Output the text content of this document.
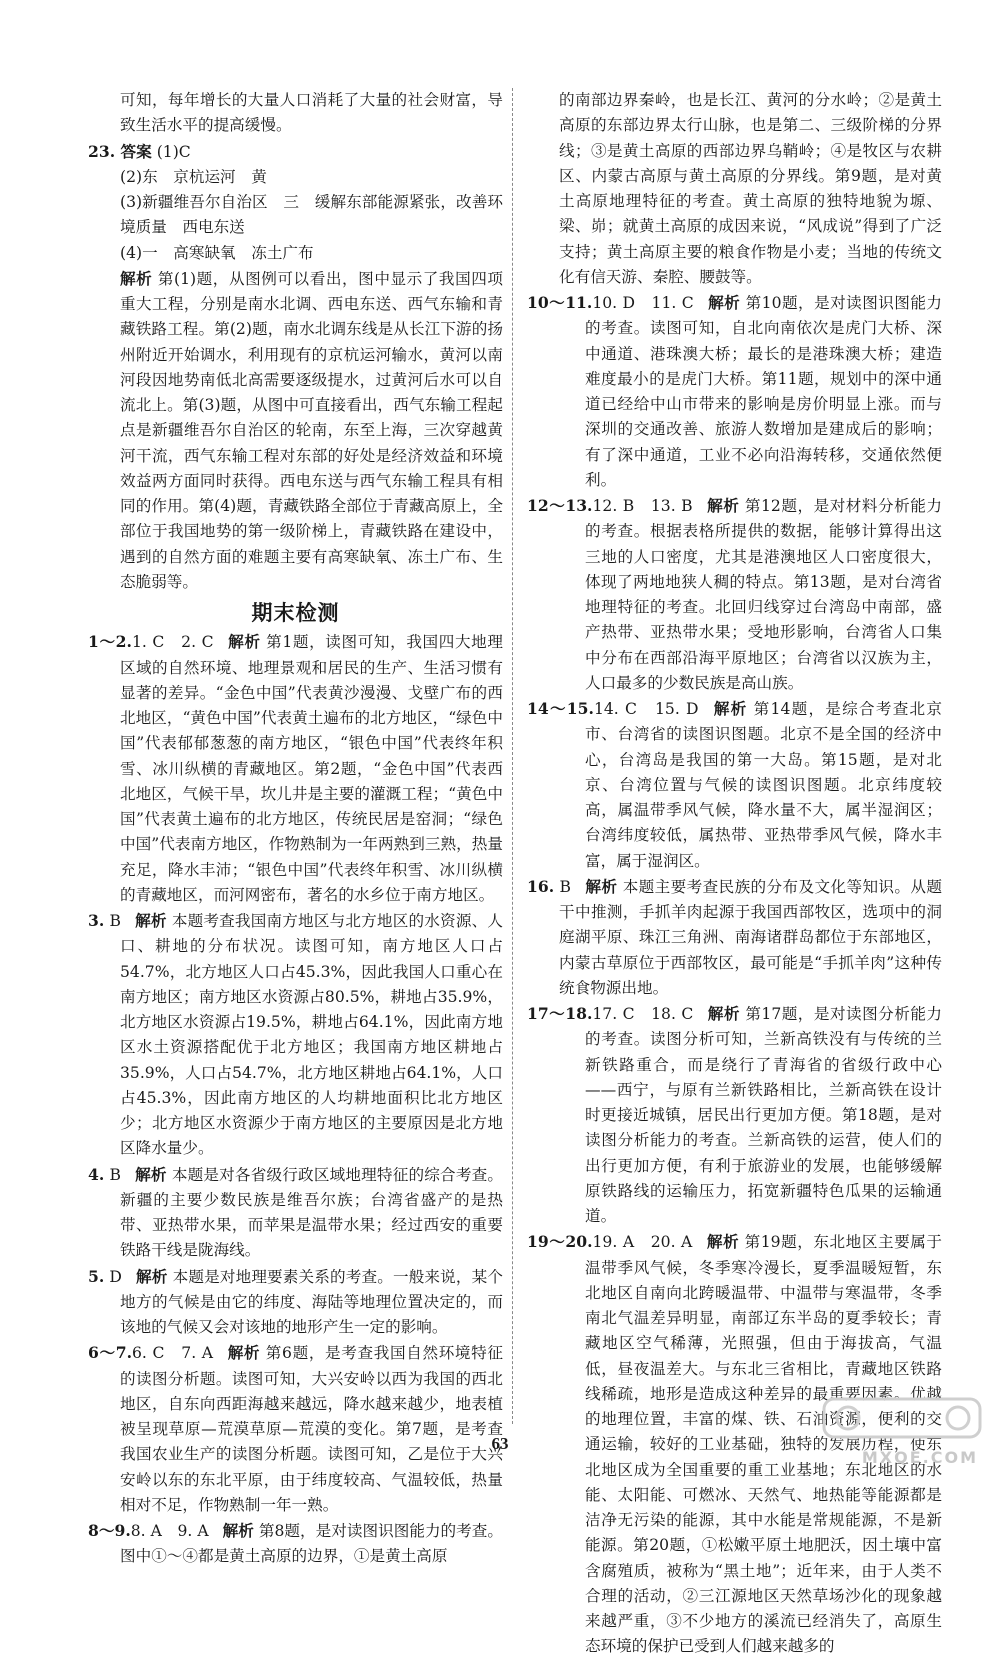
可知，每年增长的大量人口消耗了大量的社会财富，导致生活水平的提高缓慢。
23. 答案 (1)C
(2)东　京杭运河　黄
(3)新疆维吾尔自治区　三　缓解东部能源紧张，改善环境质量　西电东送
(4)一　高寒缺氧　冻土广布
解析 第(1)题，从图例可以看出，图中显示了我国四项重大工程，分别是南水北调、西电东送、西气东输和青藏铁路工程。第(2)题，南水北调东线是从长江下游的扬州附近开始调水，利用现有的京杭运河输水，黄河以南河段因地势南低北高需要逐级提水，过黄河后水可以自流北上。第(3)题，从图中可直接看出，西气东输工程起点是新疆维吾尔自治区的轮南，东至上海，三次穿越黄河干流，西气东输工程对东部的好处是经济效益和环境效益两方面同时获得。西电东送与西气东输工程具有相同的作用。第(4)题，青藏铁路全部位于青藏高原上，全部位于我国地势的第一级阶梯上，青藏铁路在建设中，遇到的自然方面的难题主要有高寒缺氧、冻土广布、生态脆弱等。
期末检测
1～2.1. C　2. C 解析 第1题，读图可知，我国四大地理区域的自然环境、地理景观和居民的生产、生活习惯有显著的差异。“金色中国”代表黄沙漫漫、戈壁广布的西北地区，“黄色中国”代表黄土遍布的北方地区，“绿色中国”代表郁郁葱葱的南方地区，“银色中国”代表终年积雪、冰川纵横的青藏地区。第2题，“金色中国”代表西北地区，气候干旱，坎儿井是主要的灌溉工程；“黄色中国”代表黄土遍布的北方地区，传统民居是窑洞；“绿色中国”代表南方地区，作物熟制为一年两熟到三熟，热量充足，降水丰沛；“银色中国”代表终年积雪、冰川纵横的青藏地区，而河网密布，著名的水乡位于南方地区。
3. B 解析 本题考查我国南方地区与北方地区的水资源、人口、耕地的分布状况。读图可知，南方地区人口占54.7%，北方地区人口占45.3%，因此我国人口重心在南方地区；南方地区水资源占80.5%，耕地占35.9%，北方地区水资源占19.5%，耕地占64.1%，因此南方地区水土资源搭配优于北方地区；我国南方地区耕地占35.9%，人口占54.7%，北方地区耕地占64.1%，人口占45.3%，因此南方地区的人均耕地面积比北方地区少；北方地区水资源少于南方地区的主要原因是北方地区降水量少。
4. B 解析 本题是对各省级行政区域地理特征的综合考查。新疆的主要少数民族是维吾尔族；台湾省盛产的是热带、亚热带水果，而苹果是温带水果；经过西安的重要铁路干线是陇海线。
5. D 解析 本题是对地理要素关系的考查。一般来说，某个地方的气候是由它的纬度、海陆等地理位置决定的，而该地的气候又会对该地的地形产生一定的影响。
6～7.6. C　7. A 解析 第6题，是考查我国自然环境特征的读图分析题。读图可知，大兴安岭以西为我国的西北地区，自东向西距海越来越远，降水越来越少，地表植被呈现草原—荒漠草原—荒漠的变化。第7题，是考查我国农业生产的读图分析题。读图可知，乙是位于大兴安岭以东的东北平原，由于纬度较高、气温较低，热量相对不足，作物熟制一年一熟。
8～9.8. A　9. A 解析 第8题，是对读图识图能力的考查。图中①～④都是黄土高原的边界，①是黄土高原
的南部边界秦岭，也是长江、黄河的分水岭；②是黄土高原的东部边界太行山脉，也是第二、三级阶梯的分界线；③是黄土高原的西部边界乌鞘岭；④是牧区与农耕区、内蒙古高原与黄土高原的分界线。第9题，是对黄土高原地理特征的考查。黄土高原的独特地貌为塬、梁、峁；就黄土高原的成因来说，“风成说”得到了广泛支持；黄土高原主要的粮食作物是小麦；当地的传统文化有信天游、秦腔、腰鼓等。
10～11.10. D　11. C 解析 第10题，是对读图识图能力的考查。读图可知，自北向南依次是虎门大桥、深中通道、港珠澳大桥；最长的是港珠澳大桥；建造难度最小的是虎门大桥。第11题，规划中的深中通道已经给中山市带来的影响是房价明显上涨。而与深圳的交通改善、旅游人数增加是建成后的影响；有了深中通道，工业不必向沿海转移，交通依然便利。
12～13.12. B　13. B 解析 第12题，是对材料分析能力的考查。根据表格所提供的数据，能够计算得出这三地的人口密度，尤其是港澳地区人口密度很大，体现了两地地狭人稠的特点。第13题，是对台湾省地理特征的考查。北回归线穿过台湾岛中南部，盛产热带、亚热带水果；受地形影响，台湾省人口集中分布在西部沿海平原地区；台湾省以汉族为主，人口最多的少数民族是高山族。
14～15.14. C　15. D 解析 第14题，是综合考查北京市、台湾省的读图识图题。北京不是全国的经济中心，台湾岛是我国的第一大岛。第15题，是对北京、台湾位置与气候的读图识图题。北京纬度较高，属温带季风气候，降水量不大，属半湿润区；台湾纬度较低，属热带、亚热带季风气候，降水丰富，属于湿润区。
16. B 解析 本题主要考查民族的分布及文化等知识。从题干中推测，手抓羊肉起源于我国西部牧区，选项中的洞庭湖平原、珠江三角洲、南海诸群岛都位于东部地区，内蒙古草原位于西部牧区，最可能是“手抓羊肉”这种传统食物源出地。
17～18.17. C　18. C 解析 第17题，是对读图分析能力的考查。读图分析可知，兰新高铁没有与传统的兰新铁路重合，而是绕行了青海省的省级行政中心——西宁，与原有兰新铁路相比，兰新高铁在设计时更接近城镇，居民出行更加方便。第18题，是对读图分析能力的考查。兰新高铁的运营，使人们的出行更加方便，有利于旅游业的发展，也能够缓解原铁路线的运输压力，拓宽新疆特色瓜果的运输通道。
19～20.19. A　20. A 解析 第19题，东北地区主要属于温带季风气候，冬季寒冷漫长，夏季温暖短暂，东北地区自南向北跨暖温带、中温带与寒温带，冬季南北气温差异明显，南部辽东半岛的夏季较长；青藏地区空气稀薄，光照强，但由于海拔高，气温低，昼夜温差大。与东北三省相比，青藏地区铁路线稀疏，地形是造成这种差异的最重要因素。优越的地理位置，丰富的煤、铁、石油资源，便利的交通运输，较好的工业基础，独特的发展历程，使东北地区成为全国重要的重工业基地；东北地区的水能、太阳能、可燃冰、天然气、地热能等能源都是洁净无污染的能源，其中水能是常规能源，不是新能源。第20题，①松嫩平原土地肥沃，因土壤中富含腐殖质，被称为“黑土地”；近年来，由于人类不合理的活动，②三江源地区天然草场沙化的现象越来越严重，③不少地方的溪流已经消失了，高原生态环境的保护已受到人们越来越多的
63
MXQE.COM
